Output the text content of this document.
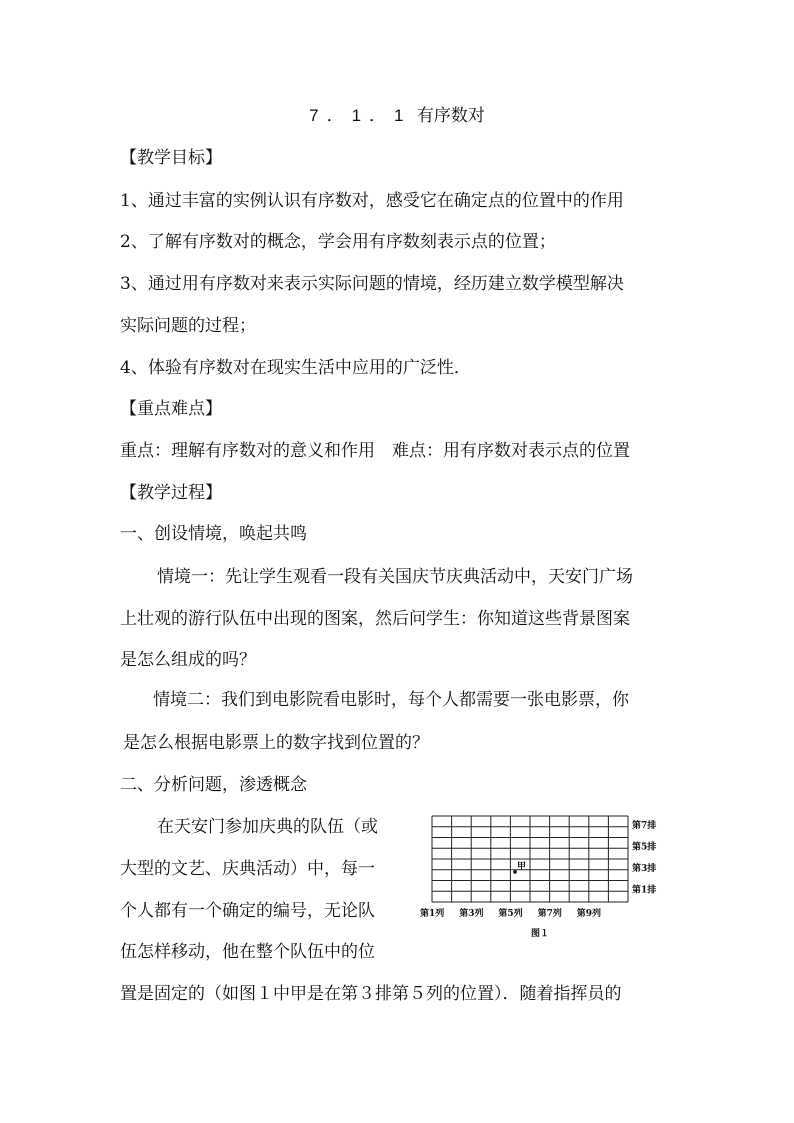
7．1．1 有序数对
【教学目标】
1、通过丰富的实例认识有序数对，感受它在确定点的位置中的作用
2、了解有序数对的概念，学会用有序数刻表示点的位置；
3、通过用有序数对来表示实际问题的情境，经历建立数学模型解决
实际问题的过程；
4、体验有序数对在现实生活中应用的广泛性．
【重点难点】
重点：理解有序数对的意义和作用　难点：用有序数对表示点的位置
【教学过程】
一、创设情境，唤起共鸣
情境一：先让学生观看一段有关国庆节庆典活动中，天安门广场
上壮观的游行队伍中出现的图案，然后问学生：你知道这些背景图案
是怎么组成的吗？
情境二：我们到电影院看电影时，每个人都需要一张电影票，你
是怎么根据电影票上的数字找到位置的？
二、分析问题，渗透概念
在天安门参加庆典的队伍（或
大型的文艺、庆典活动）中，每一
个人都有一个确定的编号，无论队
伍怎样移动，他在整个队伍中的位
置是固定的（如图１中甲是在第３排第５列的位置）．随着指挥员的
第7排
第5排
第3排
第1排
第1列 第3列 第5列 第7列 第9列
甲
图１
